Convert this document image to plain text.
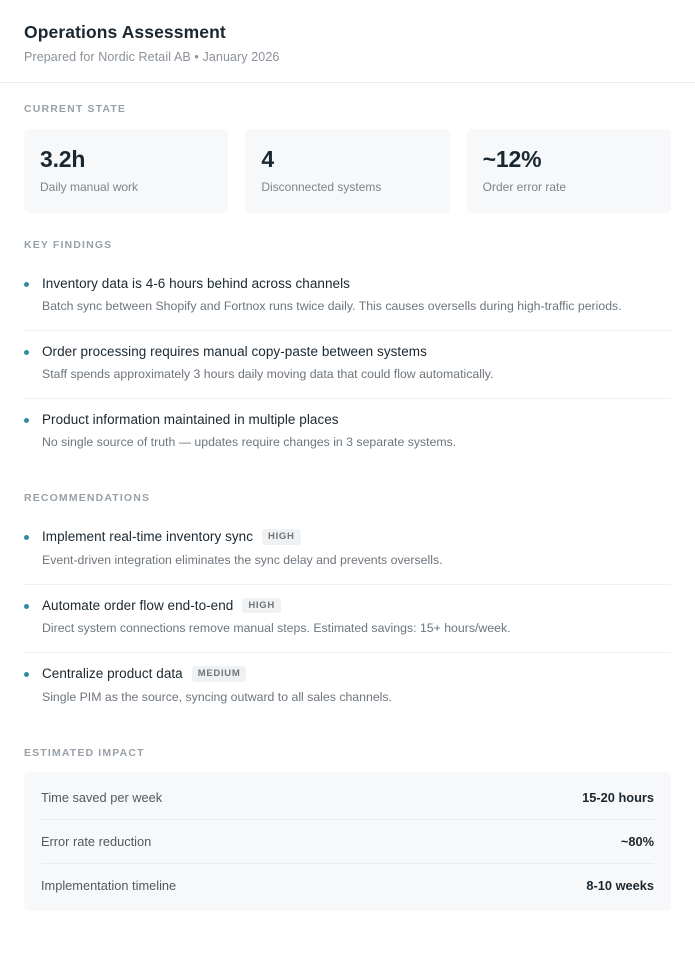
Operations Assessment
Prepared for Nordic Retail AB • January 2026
CURRENT STATE
3.2h
Daily manual work
4
Disconnected systems
~12%
Order error rate
KEY FINDINGS
Inventory data is 4-6 hours behind across channels
Batch sync between Shopify and Fortnox runs twice daily. This causes oversells during high-traffic periods.
Order processing requires manual copy-paste between systems
Staff spends approximately 3 hours daily moving data that could flow automatically.
Product information maintained in multiple places
No single source of truth — updates require changes in 3 separate systems.
RECOMMENDATIONS
Implement real-time inventory sync	HIGH
Event-driven integration eliminates the sync delay and prevents oversells.
Automate order flow end-to-end	HIGH
Direct system connections remove manual steps. Estimated savings: 15+ hours/week.
Centralize product data	MEDIUM
Single PIM as the source, syncing outward to all sales channels.
ESTIMATED IMPACT
Time saved per week	15-20 hours
Error rate reduction	~80%
Implementation timeline	8-10 weeks
